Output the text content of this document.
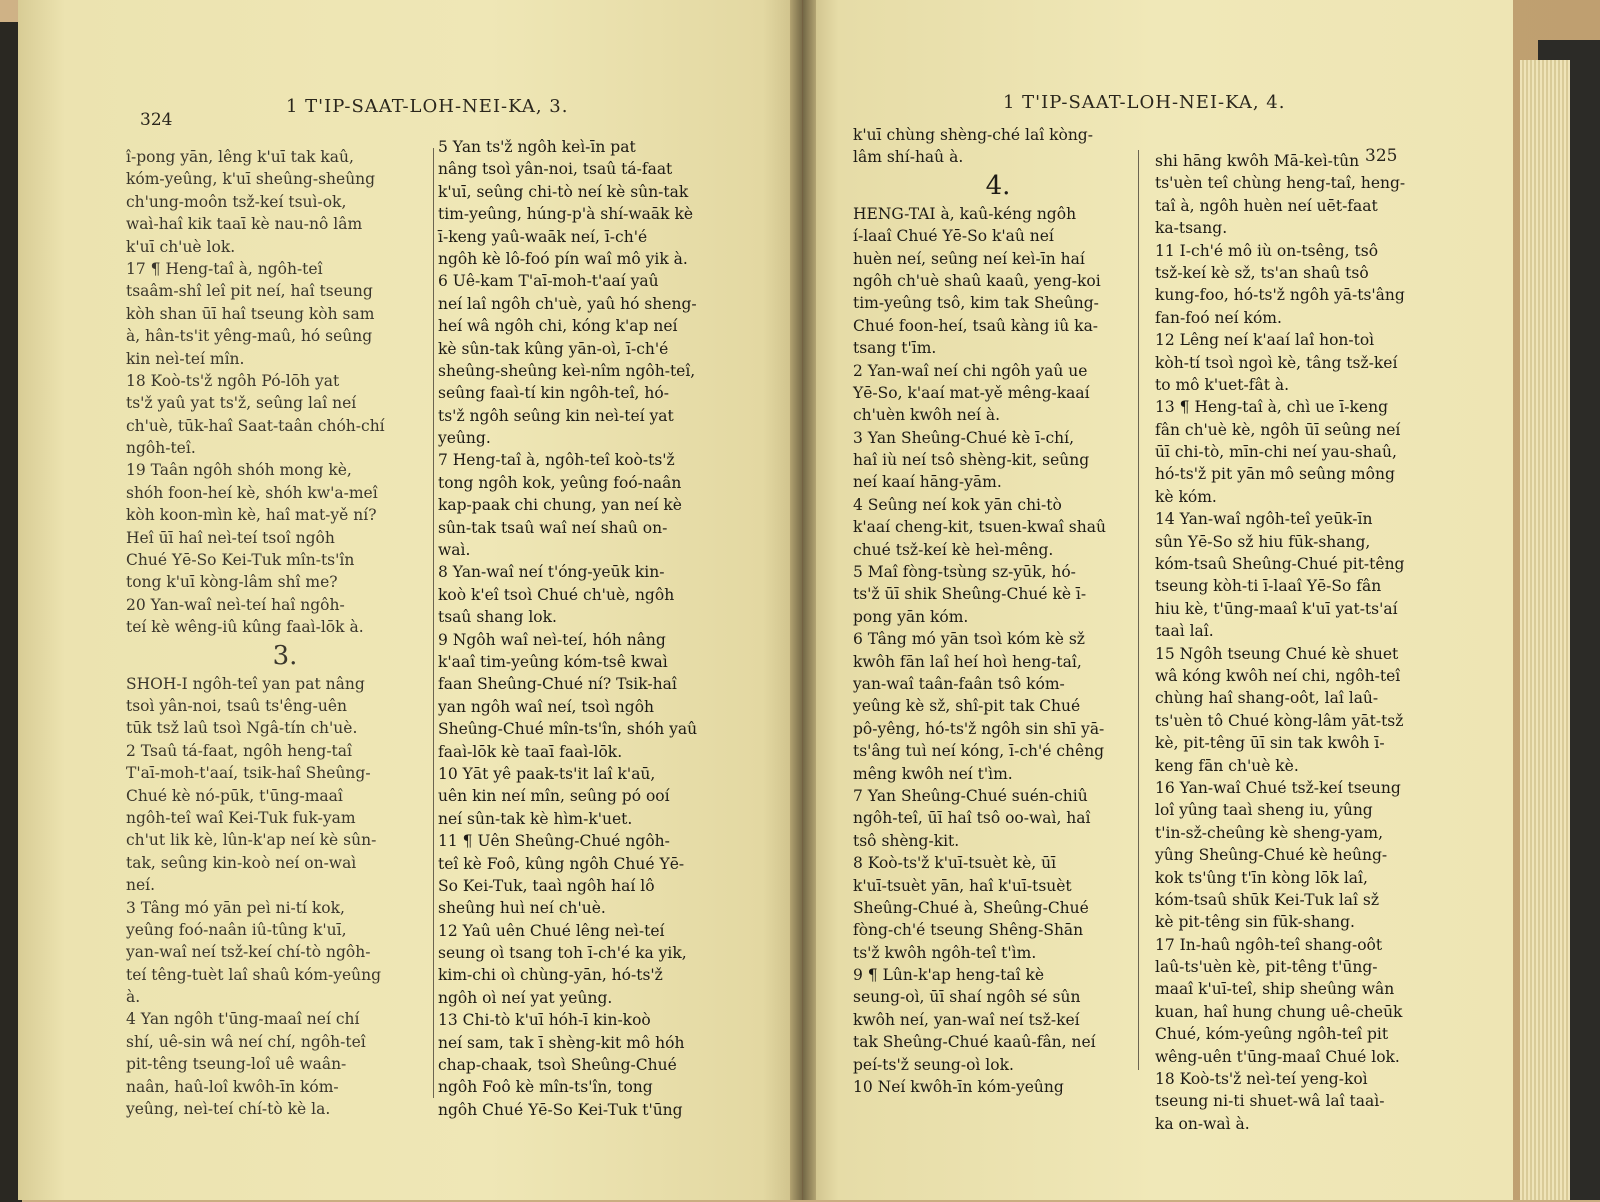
324
1 T'IP-SAAT-LOH-NEI-KA, 3.
î-pong yān, lêng k'uī tak kaû,
kóm-yeûng, k'uī sheûng-sheûng
ch'ung-moôn tsž-keí tsuì-ok,
waì-haî kik taaī kè nau-nô lâm
k'uī ch'uè lok.
17 ¶ Heng-taî à, ngôh-teî
tsaâm-shî leî pit neí, haî tseung
kòh shan ūī haî tseung kòh sam
à, hân-ts'it yêng-maû, hó seûng
kin neì-teí mîn.
18 Koò-ts'ž ngôh Pó-lōh yat
ts'ž yaû yat ts'ž, seûng laî neí
ch'uè, tūk-haî Saat-taân chóh-chí
ngôh-teî.
19 Taân ngôh shóh mong kè,
shóh foon-heí kè, shóh kw'a-meî
kòh koon-mìn kè, haî mat-yě ní?
Heî ūī haî neì-teí tsoî ngôh
Chué Yē-So Kei-Tuk mîn-ts'în
tong k'uī kòng-lâm shî me?
20 Yan-waî neì-teí haî ngôh-
teí kè wêng-iû kûng faaì-lōk à.
3.
SHOH-I ngôh-teî yan pat nâng
tsoì yân-noi, tsaû ts'êng-uên
tūk tsž laû tsoì Ngâ-tín ch'uè.
2 Tsaû tá-faat, ngôh heng-taî
T'aī-moh-t'aaí, tsik-haî Sheûng-
Chué kè nó-pūk, t'ūng-maaî
ngôh-teî waî Kei-Tuk fuk-yam
ch'ut lik kè, lûn-k'ap neí kè sûn-
tak, seûng kin-koò neí on-waì
neí.
3 Tâng mó yān peì ni-tí kok,
yeûng foó-naân iû-tûng k'uī,
yan-waî neí tsž-keí chí-tò ngôh-
teí têng-tuèt laî shaû kóm-yeûng
à.
4 Yan ngôh t'ūng-maaî neí chí
shí, uê-sin wâ neí chí, ngôh-teî
pit-têng tseung-loî uê waân-
naân, haû-loî kwôh-īn kóm-
yeûng, neì-teí chí-tò kè la.
5 Yan ts'ž ngôh keì-īn pat
nâng tsoì yân-noi, tsaû tá-faat
k'uī, seûng chi-tò neí kè sûn-tak
tim-yeûng, húng-p'à shí-waāk kè
ī-keng yaû-waāk neí, ī-ch'é
ngôh kè lô-foó pín waî mô yik à.
6 Uê-kam T'aī-moh-t'aaí yaû
neí laî ngôh ch'uè, yaû hó sheng-
heí wâ ngôh chi, kóng k'ap neí
kè sûn-tak kûng yān-oì, ī-ch'é
sheûng-sheûng keì-nîm ngôh-teî,
seûng faaì-tí kin ngôh-teî, hó-
ts'ž ngôh seûng kin neì-teí yat
yeûng.
7 Heng-taî à, ngôh-teî koò-ts'ž
tong ngôh kok, yeûng foó-naân
kap-paak chi chung, yan neí kè
sûn-tak tsaû waî neí shaû on-
waì.
8 Yan-waî neí t'óng-yeūk kin-
koò k'eî tsoì Chué ch'uè, ngôh
tsaû shang lok.
9 Ngôh waî neì-teí, hóh nâng
k'aaî tim-yeûng kóm-tsê kwaì
faan Sheûng-Chué ní? Tsik-haî
yan ngôh waî neí, tsoì ngôh
Sheûng-Chué mîn-ts'în, shóh yaû
faaì-lōk kè taaī faaì-lōk.
10 Yāt yê paak-ts'it laî k'aū,
uên kin neí mîn, seûng pó ooí
neí sûn-tak kè hìm-k'uet.
11 ¶ Uên Sheûng-Chué ngôh-
teî kè Foô, kûng ngôh Chué Yē-
So Kei-Tuk, taaì ngôh haí lô
sheûng huì neí ch'uè.
12 Yaû uên Chué lêng neì-teí
seung oì tsang toh ī-ch'é ka yik,
kim-chi oì chùng-yān, hó-ts'ž
ngôh oì neí yat yeûng.
13 Chi-tò k'uī hóh-ī kin-koò
neí sam, tak ī shèng-kit mô hóh
chap-chaak, tsoì Sheûng-Chué
ngôh Foô kè mîn-ts'în, tong
ngôh Chué Yē-So Kei-Tuk t'ūng
1 T'IP-SAAT-LOH-NEI-KA, 4.
325
k'uī chùng shèng-ché laî kòng-
lâm shí-haû à.
4.
HENG-TAI à, kaû-kéng ngôh
í-laaî Chué Yē-So k'aû neí
huèn neí, seûng neí keì-īn haí
ngôh ch'uè shaû kaaû, yeng-koi
tim-yeûng tsô, kim tak Sheûng-
Chué foon-heí, tsaû kàng iû ka-
tsang t'īm.
2 Yan-waî neí chi ngôh yaû ue
Yē-So, k'aaí mat-yě mêng-kaaí
ch'uèn kwôh neí à.
3 Yan Sheûng-Chué kè ī-chí,
haî iù neí tsô shèng-kit, seûng
neí kaaí hāng-yām.
4 Seûng neí kok yān chi-tò
k'aaí cheng-kit, tsuen-kwaî shaû
chué tsž-keí kè heì-mêng.
5 Maî fòng-tsùng sz-yūk, hó-
ts'ž ūī shik Sheûng-Chué kè ī-
pong yān kóm.
6 Tâng mó yān tsoì kóm kè sž
kwôh fān laî heí hoì heng-taî,
yan-waî taân-faân tsô kóm-
yeûng kè sž, shî-pit tak Chué
pô-yêng, hó-ts'ž ngôh sin shī yā-
ts'âng tuì neí kóng, ī-ch'é chêng
mêng kwôh neí t'ìm.
7 Yan Sheûng-Chué suén-chiû
ngôh-teî, ūī haî tsô oo-waì, haî
tsô shèng-kit.
8 Koò-ts'ž k'uī-tsuèt kè, ūī
k'uī-tsuèt yān, haî k'uī-tsuèt
Sheûng-Chué à, Sheûng-Chué
fòng-ch'é tseung Shêng-Shān
ts'ž kwôh ngôh-teî t'ìm.
9 ¶ Lûn-k'ap heng-taî kè
seung-oì, ūī shaí ngôh sé sûn
kwôh neí, yan-waî neí tsž-keí
tak Sheûng-Chué kaaû-fân, neí
peí-ts'ž seung-oì lok.
10 Neí kwôh-īn kóm-yeûng
shi hāng kwôh Mā-keì-tûn
ts'uèn teî chùng heng-taî, heng-
taî à, ngôh huèn neí uēt-faat
ka-tsang.
11 I-ch'é mô iù on-tsêng, tsô
tsž-keí kè sž, ts'an shaû tsô
kung-foo, hó-ts'ž ngôh yā-ts'âng
fan-foó neí kóm.
12 Lêng neí k'aaí laî hon-toì
kòh-tí tsoì ngoì kè, tâng tsž-keí
to mô k'uet-fât à.
13 ¶ Heng-taî à, chì ue ī-keng
fân ch'uè kè, ngôh ūī seûng neí
ūī chi-tò, mīn-chi neí yau-shaû,
hó-ts'ž pit yān mô seûng mông
kè kóm.
14 Yan-waî ngôh-teî yeūk-īn
sûn Yē-So sž hiu fūk-shang,
kóm-tsaû Sheûng-Chué pit-têng
tseung kòh-ti ī-laaî Yē-So fân
hiu kè, t'ūng-maaî k'uī yat-ts'aí
taaì laî.
15 Ngôh tseung Chué kè shuet
wâ kóng kwôh neí chi, ngôh-teî
chùng haî shang-oôt, laî laû-
ts'uèn tô Chué kòng-lâm yāt-tsž
kè, pit-têng ūī sin tak kwôh ī-
keng fān ch'uè kè.
16 Yan-waî Chué tsž-keí tseung
loî yûng taaì sheng iu, yûng
t'in-sž-cheûng kè sheng-yam,
yûng Sheûng-Chué kè heûng-
kok ts'ûng t'īn kòng lōk laî,
kóm-tsaû shūk Kei-Tuk laî sž
kè pit-têng sin fūk-shang.
17 In-haû ngôh-teî shang-oôt
laû-ts'uèn kè, pit-têng t'ūng-
maaî k'uī-teî, ship sheûng wân
kuan, haî hung chung uê-cheūk
Chué, kóm-yeûng ngôh-teî pit
wêng-uên t'ūng-maaî Chué lok.
18 Koò-ts'ž neì-teí yeng-koì
tseung ni-ti shuet-wâ laî taaì-
ka on-waì à.
